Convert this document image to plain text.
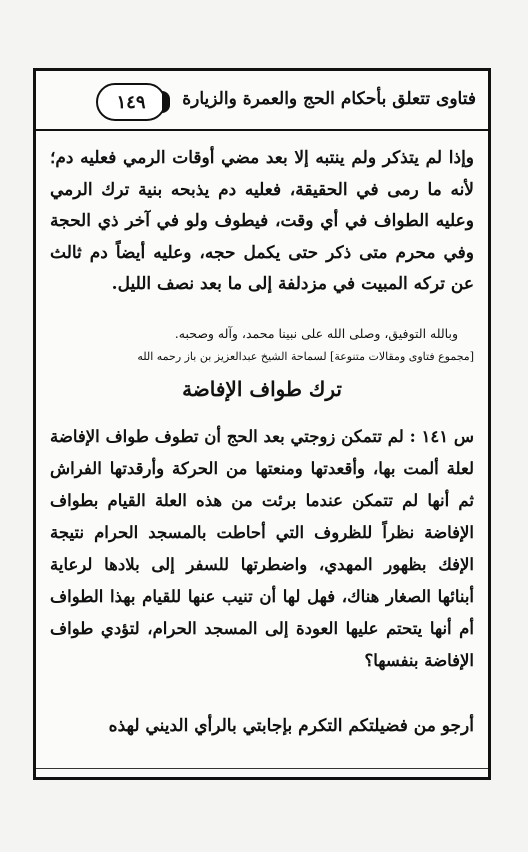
فتاوى تتعلق بأحكام الحج والعمرة والزيارة
١٤٩
وإذا لم يتذكر ولم ينتبه إلا بعد مضي أوقات الرمي فعليه دم؛ لأنه ما رمى في الحقيقة، فعليه دم يذبحه بنية ترك الرمي وعليه الطواف في أي وقت، فيطوف ولو في آخر ذي الحجة وفي محرم متى ذكر حتى يكمل حجه، وعليه أيضاً دم ثالث عن تركه المبيت في مزدلفة إلى ما بعد نصف الليل.
وبالله التوفيق، وصلى الله على نبينا محمد، وآله وصحبه.
[مجموع فتاوى ومقالات متنوعة] لسماحة الشيخ عبدالعزيز بن باز رحمه الله
ترك طواف الإفاضة
س ١٤١ : لم تتمكن زوجتي بعد الحج أن تطوف طواف الإفاضة لعلة ألمت بها، وأقعدتها ومنعتها من الحركة وأرقدتها الفراش ثم أنها لم تتمكن عندما برئت من هذه العلة القيام بطواف الإفاضة نظراً للظروف التي أحاطت بالمسجد الحرام نتيجة الإفك بظهور المهدي، واضطرتها للسفر إلى بلادها لرعاية أبنائها الصغار هناك، فهل لها أن تنيب عنها للقيام بهذا الطواف أم أنها يتحتم عليها العودة إلى المسجد الحرام، لتؤدي طواف الإفاضة بنفسها؟
أرجو من فضيلتكم التكرم بإجابتي بالرأي الديني لهذه
